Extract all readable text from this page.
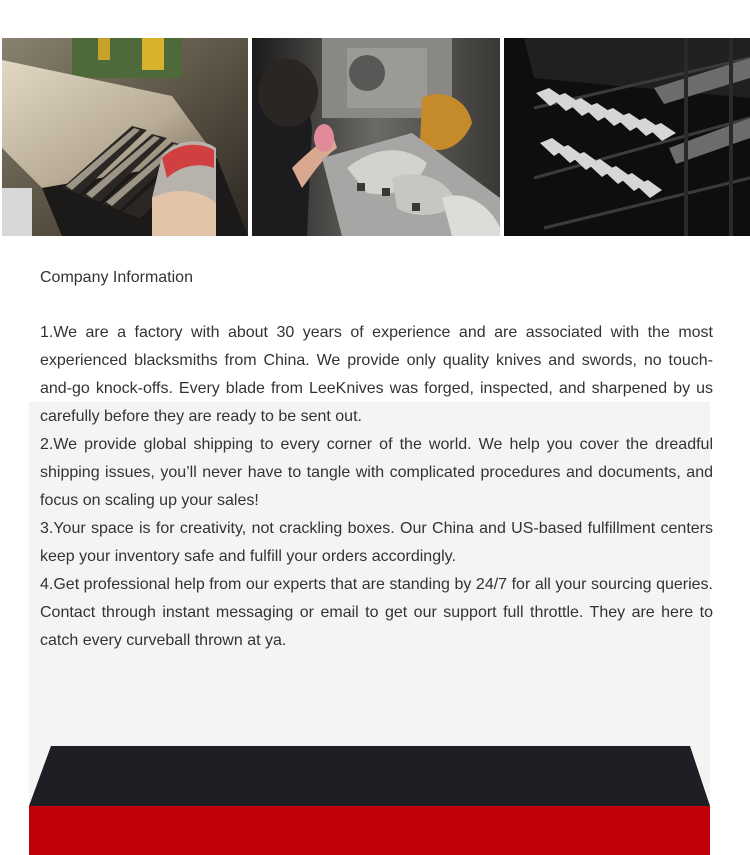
Company Information

1.We are a factory with about 30 years of experience and are associated with the most experienced blacksmiths from China. We provide only quality knives and swords, no touch-and-go knock-offs. Every blade from LeeKnives was forged, inspected, and sharpened by us carefully before they are ready to be sent out.

2.We provide global shipping to every corner of the world. We help you cover the dreadful shipping issues, you’ll never have to tangle with complicated procedures and documents, and focus on scaling up your sales!

3.Your space is for creativity, not crackling boxes. Our China and US-based fulfillment centers keep your inventory safe and fulfill your orders accordingly.

4.Get professional help from our experts that are standing by 24/7 for all your sourcing queries. Contact through instant messaging or email to get our support full throttle. They are here to catch every curveball thrown at ya.
